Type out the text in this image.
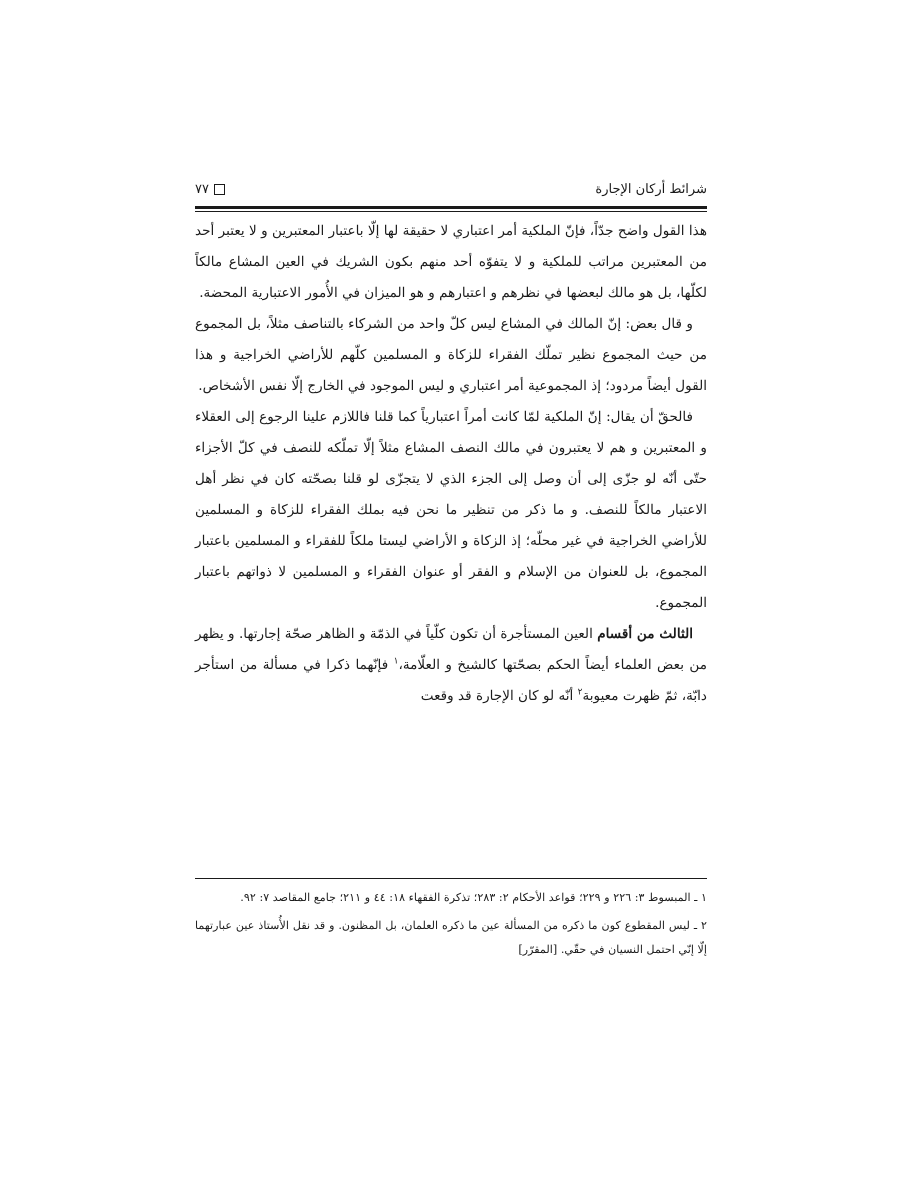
شرائط أركان الإجارة
٧٧

هذا القول واضح جدّاً، فإنّ الملكية أمر اعتباري لا حقيقة لها إلّا باعتبار المعتبرين و لا يعتبر أحد من المعتبرين مراتب للملكية و لا يتفوّه أحد منهم بكون الشريك في العين المشاع مالكاً لكلّها، بل هو مالك لبعضها في نظرهم و اعتبارهم و هو الميزان في الأُمور الاعتبارية المحضة.

و قال بعض: إنّ المالك في المشاع ليس كلّ واحد من الشركاء بالتناصف مثلاً، بل المجموع من حيث المجموع نظير تملّك الفقراء للزكاة و المسلمين كلّهم للأراضي الخراجية و هذا القول أيضاً مردود؛ إذ المجموعية أمر اعتباري و ليس الموجود في الخارج إلّا نفس الأشخاص.

فالحقّ أن يقال: إنّ الملكية لمّا كانت أمراً اعتبارياً كما قلنا فاللازم علينا الرجوع إلى العقلاء و المعتبرين و هم لا يعتبرون في مالك النصف المشاع مثلاً إلّا تملّكه للنصف في كلّ الأجزاء حتّى أنّه لو جزّى إلى أن وصل إلى الجزء الذي لا يتجزّى لو قلنا بصحّته كان في نظر أهل الاعتبار مالكاً للنصف. و ما ذكر من تنظير ما نحن فيه بملك الفقراء للزكاة و المسلمين للأراضي الخراجية في غير محلّه؛ إذ الزكاة و الأراضي ليستا ملكاً للفقراء و المسلمين باعتبار المجموع، بل للعنوان من الإسلام و الفقر أو عنوان الفقراء و المسلمين لا ذواتهم باعتبار المجموع.

الثالث من أقسام العين المستأجرة أن تكون كلّياً في الذمّة و الظاهر صحّة إجارتها. و يظهر من بعض العلماء أيضاً الحكم بصحّتها كالشيخ و العلّامة،$^١$ فإنّهما ذكرا في مسألة من استأجر دابّة، ثمّ ظهرت معيوبة$^٢$ أنّه لو كان الإجارة قد وقعت

١ ـ المبسوط ٣: ٢٢٦ و ٢٢٩؛ قواعد الأحكام ٢: ٢٨٣؛ تذكرة الفقهاء ١٨: ٤٤ و ٢١١؛ جامع المقاصد ٧: ٩٢.

٢ ـ ليس المقطوع كون ما ذكره من المسألة عين ما ذكره العلمان، بل المظنون. و قد نقل الأُستاذ عين عبارتهما إلّا إنّي احتمل النسيان في حقّي. [المقرّر]
